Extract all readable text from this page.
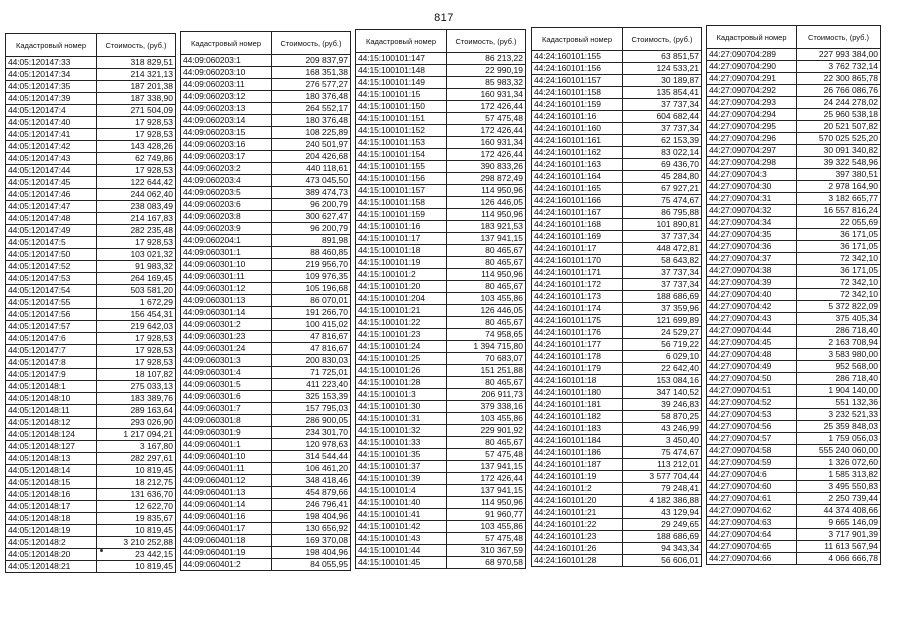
817
Кадастровый номер	Стоимость, (руб.)
44:05:120147:33	318 829,51
44:05:120147:34	214 321,13
44:05:120147:35	187 201,38
44:05:120147:39	187 338,90
44:05:120147:4	271 504,09
44:05:120147:40	17 928,53
44:05:120147:41	17 928,53
44:05:120147:42	143 428,26
44:05:120147:43	62 749,86
44:05:120147:44	17 928,53
44:05:120147:45	122 644,42
44:05:120147:46	244 062,40
44:05:120147:47	238 083,49
44:05:120147:48	214 167,83
44:05:120147:49	282 235,48
44:05:120147:5	17 928,53
44:05:120147:50	103 021,32
44:05:120147:52	91 983,32
44:05:120147:53	264 169,45
44:05:120147:54	503 581,20
44:05:120147:55	1 672,29
44:05:120147:56	156 454,31
44:05:120147:57	219 642,03
44:05:120147:6	17 928,53
44:05:120147:7	17 928,53
44:05:120147:8	17 928,53
44:05:120147:9	18 107,82
44:05:120148:1	275 033,13
44:05:120148:10	183 389,76
44:05:120148:11	289 163,64
44:05:120148:12	293 026,90
44:05:120148:124	1 217 094,21
44:05:120148:127	3 167,80
44:05:120148:13	282 297,61
44:05:120148:14	10 819,45
44:05:120148:15	18 212,75
44:05:120148:16	131 636,70
44:05:120148:17	12 622,70
44:05:120148:18	19 835,67
44:05:120148:19	10 819,45
44:05:120148:2	3 210 252,88
44:05:120148:20	23 442,15
44:05:120148:21	10 819,45
Кадастровый номер	Стоимость, (руб.)
44:09:060203:1	209 837,97
44:09:060203:10	168 351,38
44:09:060203:11	276 577,27
44:09:060203:12	180 376,48
44:09:060203:13	264 552,17
44:09:060203:14	180 376,48
44:09:060203:15	108 225,89
44:09:060203:16	240 501,97
44:09:060203:17	204 426,68
44:09:060203:2	440 118,61
44:09:060203:4	473 045,50
44:09:060203:5	389 474,73
44:09:060203:6	96 200,79
44:09:060203:8	300 627,47
44:09:060203:9	96 200,79
44:09:060204:1	891,98
44:09:060301:1	88 460,85
44:09:060301:10	219 956,70
44:09:060301:11	109 976,35
44:09:060301:12	105 196,68
44:09:060301:13	86 070,01
44:09:060301:14	191 266,70
44:09:060301:2	100 415,02
44:09:060301:23	47 816,67
44:09:060301:24	47 816,67
44:09:060301:3	200 830,03
44:09:060301:4	71 725,01
44:09:060301:5	411 223,40
44:09:060301:6	325 153,39
44:09:060301:7	157 795,03
44:09:060301:8	286 900,05
44:09:060301:9	234 301,70
44:09:060401:1	120 978,63
44:09:060401:10	314 544,44
44:09:060401:11	106 461,20
44:09:060401:12	348 418,46
44:09:060401:13	454 879,66
44:09:060401:14	246 796,41
44:09:060401:16	198 404,96
44:09:060401:17	130 656,92
44:09:060401:18	169 370,08
44:09:060401:19	198 404,96
44:09:060401:2	84 055,95
Кадастровый номер	Стоимость, (руб.)
44:15:100101:147	86 213,22
44:15:100101:148	22 990,19
44:15:100101:149	85 983,32
44:15:100101:15	160 931,34
44:15:100101:150	172 426,44
44:15:100101:151	57 475,48
44:15:100101:152	172 426,44
44:15:100101:153	160 931,34
44:15:100101:154	172 426,44
44:15:100101:155	390 833,26
44:15:100101:156	298 872,49
44:15:100101:157	114 950,96
44:15:100101:158	126 446,05
44:15:100101:159	114 950,96
44:15:100101:16	183 921,53
44:15:100101:17	137 941,15
44:15:100101:18	80 465,67
44:15:100101:19	80 465,67
44:15:100101:2	114 950,96
44:15:100101:20	80 465,67
44:15:100101:204	103 455,86
44:15:100101:21	126 446,05
44:15:100101:22	80 465,67
44:15:100101:23	74 958,65
44:15:100101:24	1 394 715,80
44:15:100101:25	70 683,07
44:15:100101:26	151 251,88
44:15:100101:28	80 465,67
44:15:100101:3	206 911,73
44:15:100101:30	379 338,16
44:15:100101:31	103 455,86
44:15:100101:32	229 901,92
44:15:100101:33	80 465,67
44:15:100101:35	57 475,48
44:15:100101:37	137 941,15
44:15:100101:39	172 426,44
44:15:100101:4	137 941,15
44:15:100101:40	114 950,96
44:15:100101:41	91 960,77
44:15:100101:42	103 455,86
44:15:100101:43	57 475,48
44:15:100101:44	310 367,59
44:15:100101:45	68 970,58
Кадастровый номер	Стоимость, (руб.)
44:24:160101:155	63 851,57
44:24:160101:156	124 533,21
44:24:160101:157	30 189,87
44:24:160101:158	135 854,41
44:24:160101:159	37 737,34
44:24:160101:16	604 682,44
44:24:160101:160	37 737,34
44:24:160101:161	62 153,39
44:24:160101:162	83 022,14
44:24:160101:163	69 436,70
44:24:160101:164	45 284,80
44:24:160101:165	67 927,21
44:24:160101:166	75 474,67
44:24:160101:167	86 795,88
44:24:160101:168	101 890,81
44:24:160101:169	37 737,34
44:24:160101:17	448 472,81
44:24:160101:170	58 643,82
44:24:160101:171	37 737,34
44:24:160101:172	37 737,34
44:24:160101:173	188 686,69
44:24:160101:174	37 359,96
44:24:160101:175	121 699,89
44:24:160101:176	24 529,27
44:24:160101:177	56 719,22
44:24:160101:178	6 029,10
44:24:160101:179	22 642,40
44:24:160101:18	153 084,16
44:24:160101:180	347 140,52
44:24:160101:181	39 246,83
44:24:160101:182	58 870,25
44:24:160101:183	43 246,99
44:24:160101:184	3 450,40
44:24:160101:186	75 474,67
44:24:160101:187	113 212,01
44:24:160101:19	3 577 704,44
44:24:160101:2	79 248,41
44:24:160101:20	4 182 386,88
44:24:160101:21	43 129,94
44:24:160101:22	29 249,65
44:24:160101:23	188 686,69
44:24:160101:26	94 343,34
44:24:160101:28	56 606,01
Кадастровый номер	Стоимость, (руб.)
44:27:090704:289	227 993 384,00
44:27:090704:290	3 762 732,14
44:27:090704:291	22 300 865,78
44:27:090704:292	26 766 086,76
44:27:090704:293	24 244 278,02
44:27:090704:294	25 960 538,18
44:27:090704:295	20 521 507,82
44:27:090704:296	570 025 525,20
44:27:090704:297	30 091 340,82
44:27:090704:298	39 322 548,96
44:27:090704:3	397 380,51
44:27:090704:30	2 978 164,90
44:27:090704:31	3 182 665,77
44:27:090704:32	16 557 816,24
44:27:090704:34	22 055,69
44:27:090704:35	36 171,05
44:27:090704:36	36 171,05
44:27:090704:37	72 342,10
44:27:090704:38	36 171,05
44:27:090704:39	72 342,10
44:27:090704:40	72 342,10
44:27:090704:42	5 372 822,09
44:27:090704:43	375 405,34
44:27:090704:44	286 718,40
44:27:090704:45	2 163 708,94
44:27:090704:48	3 583 980,00
44:27:090704:49	952 568,00
44:27:090704:50	286 718,40
44:27:090704:51	1 904 140,00
44:27:090704:52	551 132,36
44:27:090704:53	3 232 521,33
44:27:090704:56	25 359 848,03
44:27:090704:57	1 759 056,03
44:27:090704:58	555 240 060,00
44:27:090704:59	1 326 072,60
44:27:090704:6	1 585 313,82
44:27:090704:60	3 495 550,83
44:27:090704:61	2 250 739,44
44:27:090704:62	44 374 408,66
44:27:090704:63	9 665 146,09
44:27:090704:64	3 717 901,39
44:27:090704:65	11 613 567,94
44:27:090704:66	4 066 666,78
